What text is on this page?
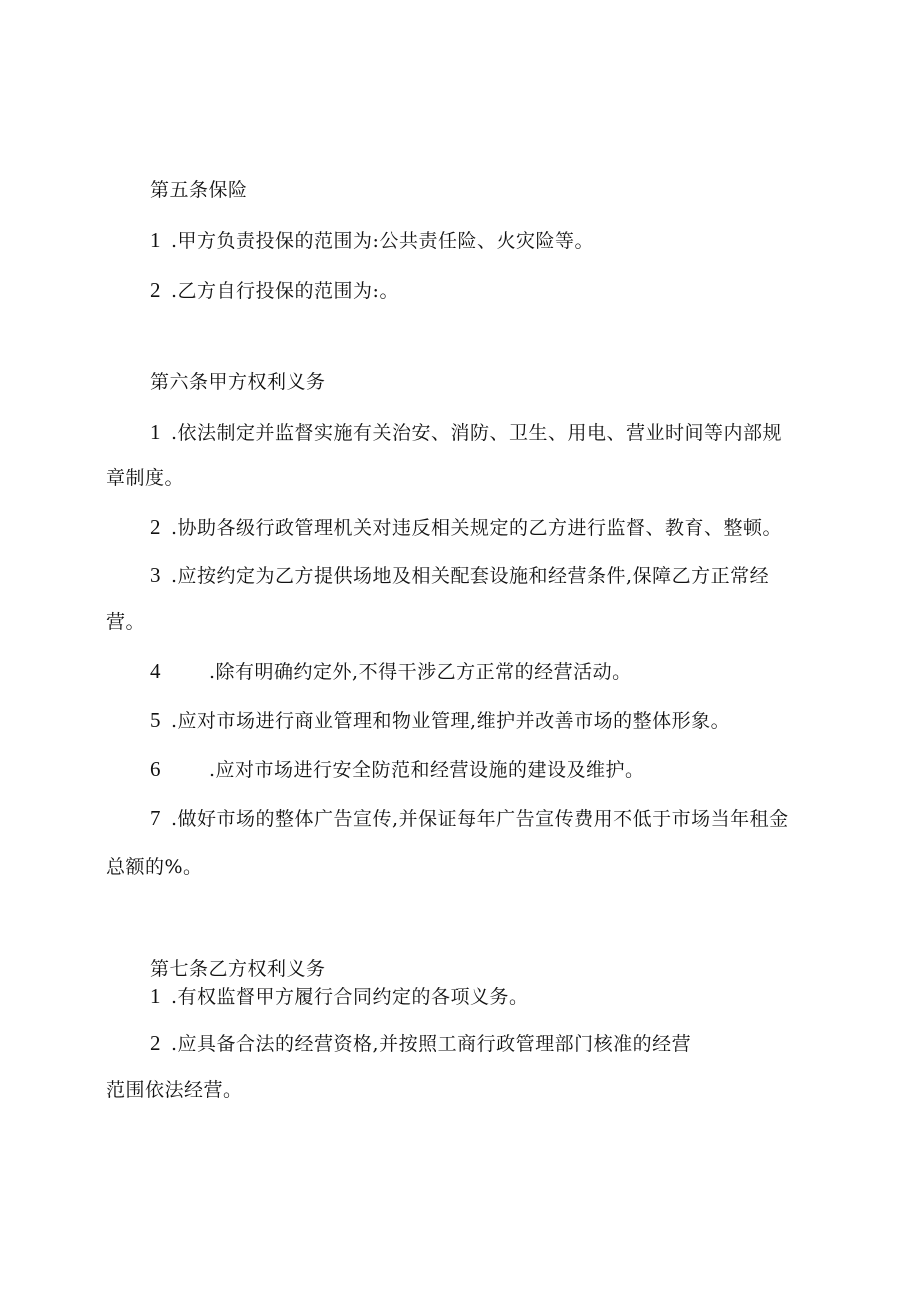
第五条保险
1 .甲方负责投保的范围为:公共责任险、火灾险等。
2 .乙方自行投保的范围为:。
第六条甲方权利义务
1 .依法制定并监督实施有关治安、消防、卫生、用电、营业时间等内部规
章制度。
2 .协助各级行政管理机关对违反相关规定的乙方进行监督、教育、整顿。
3 .应按约定为乙方提供场地及相关配套设施和经营条件,保障乙方正常经
营。
4	.除有明确约定外,不得干涉乙方正常的经营活动。
5 .应对市场进行商业管理和物业管理,维护并改善市场的整体形象。
6	.应对市场进行安全防范和经营设施的建设及维护。
7 .做好市场的整体广告宣传,并保证每年广告宣传费用不低于市场当年租金
总额的%。
第七条乙方权利义务
1 .有权监督甲方履行合同约定的各项义务。
2 .应具备合法的经营资格,并按照工商行政管理部门核准的经营
范围依法经营。
